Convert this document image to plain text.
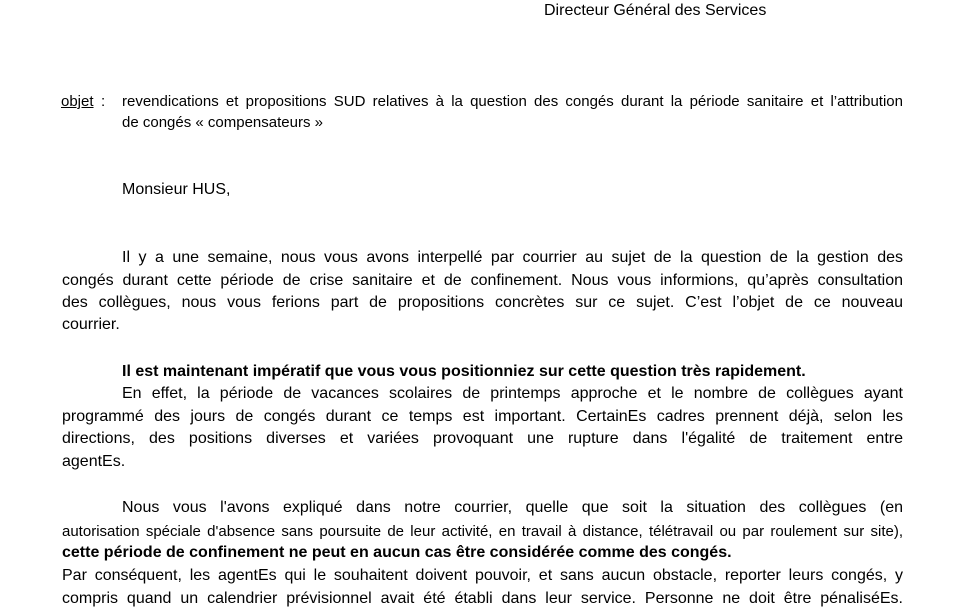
Directeur Général des Services
objet : revendications et propositions SUD relatives à la question des congés durant la période sanitaire et l’attribution
de congés « compensateurs »
Monsieur HUS,
Il y a une semaine, nous vous avons interpellé par courrier au sujet de la question de la gestion des
congés durant cette période de crise sanitaire et de confinement. Nous vous informions, qu’après consultation
des collègues, nous vous ferions part de propositions concrètes sur ce sujet. C’est l’objet de ce nouveau
courrier.
Il est maintenant impératif que vous vous positionniez sur cette question très rapidement.
En effet, la période de vacances scolaires de printemps approche et le nombre de collègues ayant
programmé des jours de congés durant ce temps est important. CertainEs cadres prennent déjà, selon les
directions, des positions diverses et variées provoquant une rupture dans l'égalité de traitement entre
agentEs.
Nous vous l'avons expliqué dans notre courrier, quelle que soit la situation des collègues (en
autorisation spéciale d'absence sans poursuite de leur activité, en travail à distance, télétravail ou par roulement sur site),
cette période de confinement ne peut en aucun cas être considérée comme des congés.
Par conséquent, les agentEs qui le souhaitent doivent pouvoir, et sans aucun obstacle, reporter leurs congés, y
compris quand un calendrier prévisionnel avait été établi dans leur service. Personne ne doit être pénaliséEs.
